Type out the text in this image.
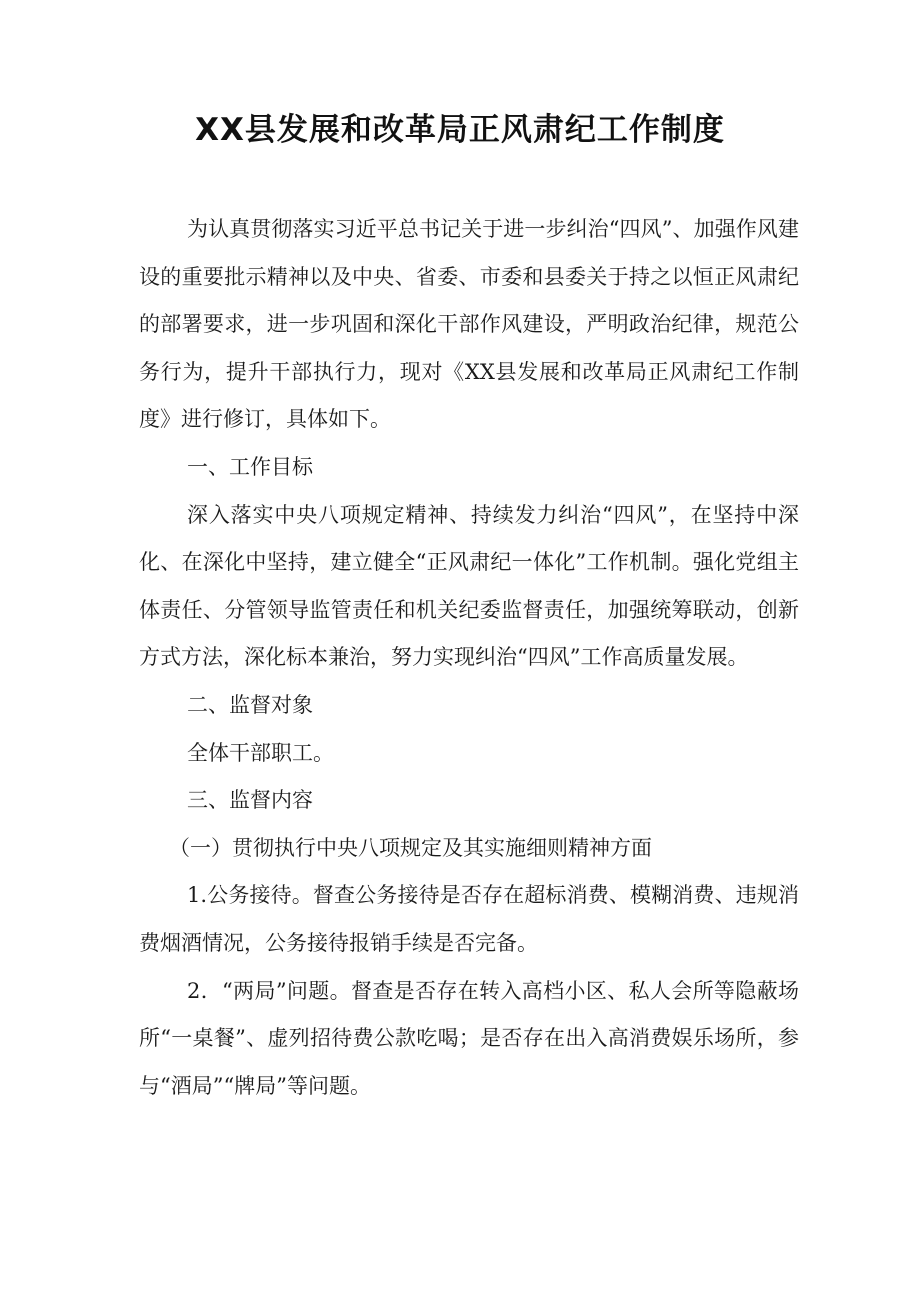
XX县发展和改革局正风肃纪工作制度

为认真贯彻落实习近平总书记关于进一步纠治“四风”、加强作风建设的重要批示精神以及中央、省委、市委和县委关于持之以恒正风肃纪的部署要求，进一步巩固和深化干部作风建设，严明政治纪律，规范公务行为，提升干部执行力，现对《XX县发展和改革局正风肃纪工作制度》进行修订，具体如下。

一、工作目标

深入落实中央八项规定精神、持续发力纠治“四风”，在坚持中深化、在深化中坚持，建立健全“正风肃纪一体化”工作机制。强化党组主体责任、分管领导监管责任和机关纪委监督责任，加强统筹联动，创新方式方法，深化标本兼治，努力实现纠治“四风”工作高质量发展。

二、监督对象

全体干部职工。

三、监督内容

（一）贯彻执行中央八项规定及其实施细则精神方面

1.公务接待。督查公务接待是否存在超标消费、模糊消费、违规消费烟酒情况，公务接待报销手续是否完备。

2．“两局”问题。督查是否存在转入高档小区、私人会所等隐蔽场所“一桌餐”、虚列招待费公款吃喝；是否存在出入高消费娱乐场所，参与“酒局”“牌局”等问题。
